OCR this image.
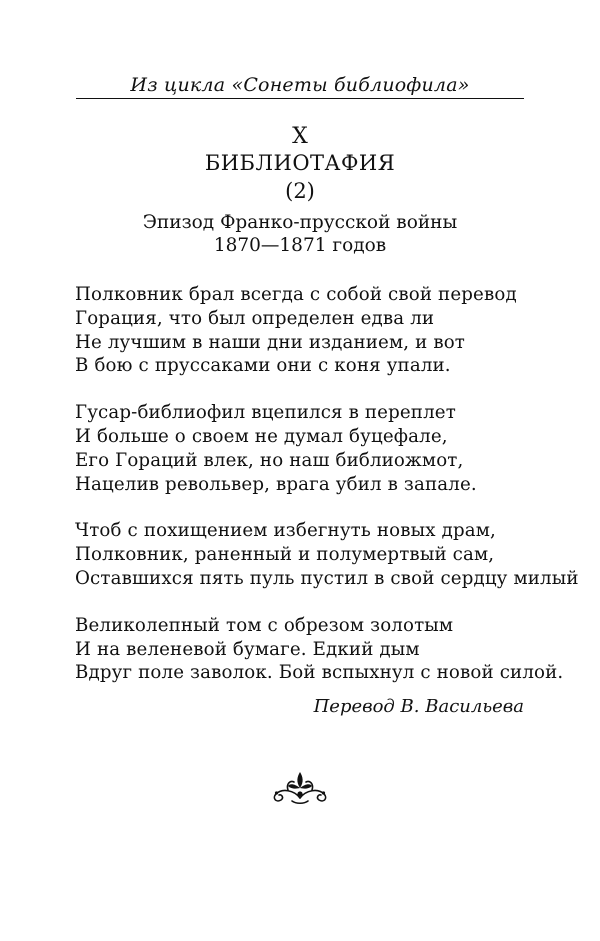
Из цикла «Сонеты библиофила»
X
БИБЛИОТАФИЯ
(2)
Эпизод Франко-прусской войны
1870—1871 годов
Полковник брал всегда с собой свой перевод
Горация, что был определен едва ли
Не лучшим в наши дни изданием, и вот
В бою с пруссаками они с коня упали.
Гусар-библиофил вцепился в переплет
И больше о своем не думал буцефале,
Его Гораций влек, но наш библиожмот,
Нацелив револьвер, врага убил в запале.
Чтоб с похищением избегнуть новых драм,
Полковник, раненный и полумертвый сам,
Оставшихся пять пуль пустил в свой сердцу милый
Великолепный том с обрезом золотым
И на веленевой бумаге. Едкий дым
Вдруг поле заволок. Бой вспыхнул с новой силой.
Перевод В. Васильева
